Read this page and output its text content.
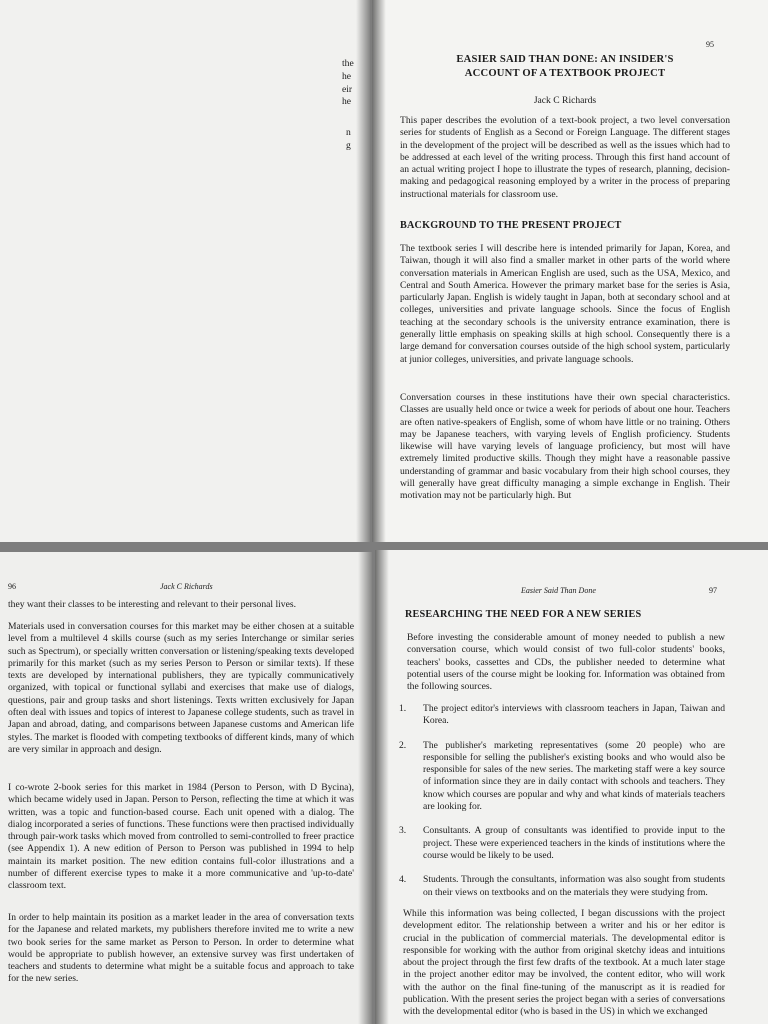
the
he
eir
he
n
g
95
EASIER SAID THAN DONE: AN INSIDER'S
ACCOUNT OF A TEXTBOOK PROJECT
Jack C Richards

This paper describes the evolution of a text-book project, a two level conversation series for students of English as a Second or Foreign Language. The different stages in the development of the project will be described as well as the issues which had to be addressed at each level of the writing process. Through this first hand account of an actual writing project I hope to illustrate the types of research, planning, decision-making and pedagogical reasoning employed by a writer in the process of preparing instructional materials for classroom use.

BACKGROUND TO THE PRESENT PROJECT

The textbook series I will describe here is intended primarily for Japan, Korea, and Taiwan, though it will also find a smaller market in other parts of the world where conversation materials in American English are used, such as the USA, Mexico, and Central and South America. However the primary market base for the series is Asia, particularly Japan. English is widely taught in Japan, both at secondary school and at colleges, universities and private language schools. Since the focus of English teaching at the secondary schools is the university entrance examination, there is generally little emphasis on speaking skills at high school. Consequently there is a large demand for conversation courses outside of the high school system, particularly at junior colleges, universities, and private language schools.

Conversation courses in these institutions have their own special characteristics. Classes are usually held once or twice a week for periods of about one hour. Teachers are often native-speakers of English, some of whom have little or no training. Others may be Japanese teachers, with varying levels of English proficiency. Students likewise will have varying levels of language proficiency, but most will have extremely limited productive skills. Though they might have a reasonable passive understanding of grammar and basic vocabulary from their high school courses, they will generally have great difficulty managing a simple exchange in English. Their motivation may not be particularly high. But

96	Jack C Richards

they want their classes to be interesting and relevant to their personal lives.

Materials used in conversation courses for this market may be either chosen at a suitable level from a multilevel 4 skills course (such as my series Interchange or similar series such as Spectrum), or specially written conversation or listening/speaking texts developed primarily for this market (such as my series Person to Person or similar texts). If these texts are developed by international publishers, they are typically communicatively organized, with topical or functional syllabi and exercises that make use of dialogs, questions, pair and group tasks and short listenings. Texts written exclusively for Japan often deal with issues and topics of interest to Japanese college students, such as travel in Japan and abroad, dating, and comparisons between Japanese customs and American life styles. The market is flooded with competing textbooks of different kinds, many of which are very similar in approach and design.

I co-wrote 2-book series for this market in 1984 (Person to Person, with D Bycina), which became widely used in Japan. Person to Person, reflecting the time at which it was written, was a topic and function-based course. Each unit opened with a dialog. The dialog incorporated a series of functions. These functions were then practised individually through pair-work tasks which moved from controlled to semi-controlled to freer practice (see Appendix 1). A new edition of Person to Person was published in 1994 to help maintain its market position. The new edition contains full-color illustrations and a number of different exercise types to make it a more communicative and 'up-to-date' classroom text.

In order to help maintain its position as a market leader in the area of conversation texts for the Japanese and related markets, my publishers therefore invited me to write a new two book series for the same market as Person to Person. In order to determine what would be appropriate to publish however, an extensive survey was first undertaken of teachers and students to determine what might be a suitable focus and approach to take for the new series.

Easier Said Than Done	97
RESEARCHING THE NEED FOR A NEW SERIES

Before investing the considerable amount of money needed to publish a new conversation course, which would consist of two full-color students' books, teachers' books, cassettes and CDs, the publisher needed to determine what potential users of the course might be looking for. Information was obtained from the following sources.

1. The project editor's interviews with classroom teachers in Japan, Taiwan and Korea.
2. The publisher's marketing representatives (some 20 people) who are responsible for selling the publisher's existing books and who would also be responsible for sales of the new series. The marketing staff were a key source of information since they are in daily contact with schools and teachers. They know which courses are popular and why and what kinds of materials teachers are looking for.
3. Consultants. A group of consultants was identified to provide input to the project. These were experienced teachers in the kinds of institutions where the course would be likely to be used.
4. Students. Through the consultants, information was also sought from students on their views on textbooks and on the materials they were studying from.

While this information was being collected, I began discussions with the project development editor. The relationship between a writer and his or her editor is crucial in the publication of commercial materials. The developmental editor is responsible for working with the author from original sketchy ideas and intuitions about the project through the first few drafts of the textbook. At a much later stage in the project another editor may be involved, the content editor, who will work with the author on the final fine-tuning of the manuscript as it is readied for publication. With the present series the project began with a series of conversations with the developmental editor (who is based in the US) in which we exchanged
